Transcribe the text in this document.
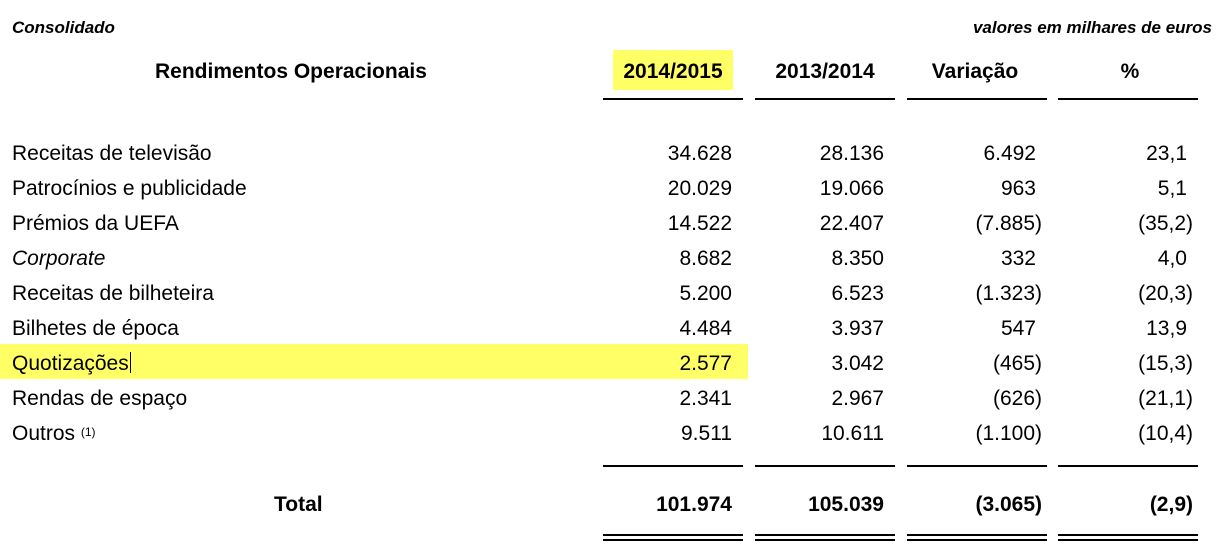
Consolidado	valores em milhares de euros
Rendimentos Operacionais	2014/2015	2013/2014	Variação	%
Receitas de televisão	34.628	28.136	6.492	23,1
Patrocínios e publicidade	20.029	19.066	963	5,1
Prémios da UEFA	14.522	22.407	(7.885)	(35,2)
Corporate	8.682	8.350	332	4,0
Receitas de bilheteira	5.200	6.523	(1.323)	(20,3)
Bilhetes de época	4.484	3.937	547	13,9
Quotizações	2.577	3.042	(465)	(15,3)
Rendas de espaço	2.341	2.967	(626)	(21,1)
Outros $^{(1)}$	9.511	10.611	(1.100)	(10,4)
Total	101.974	105.039	(3.065)	(2,9)
